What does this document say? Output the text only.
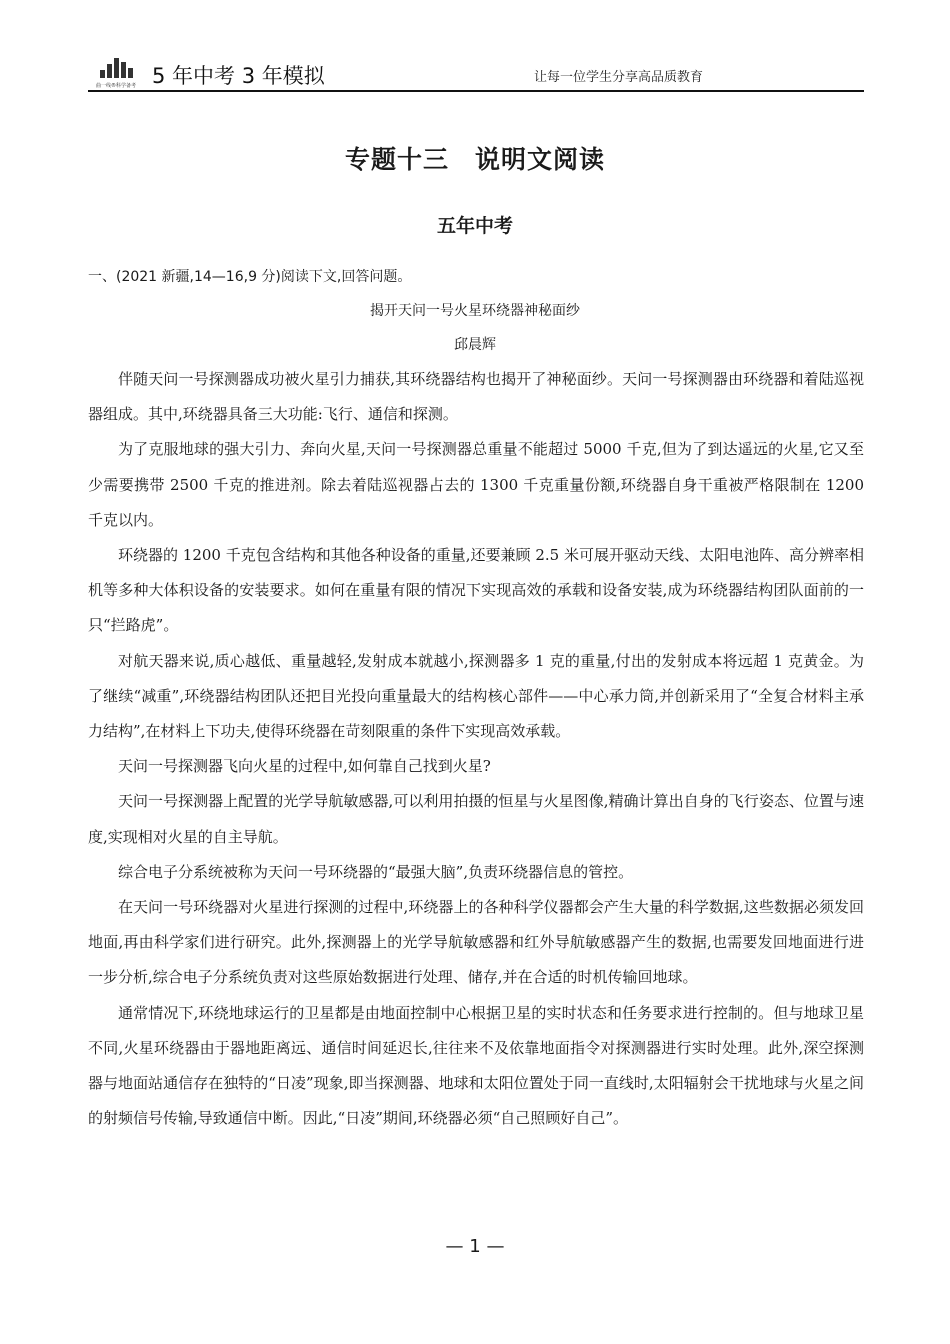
曲一线®科学备考 5 年中考 3 年模拟	让每一位学生分享高品质教育
专题十三　说明文阅读
五年中考
一、(2021 新疆,14—16,9 分)阅读下文,回答问题。
揭开天问一号火星环绕器神秘面纱
邱晨辉

伴随天问一号探测器成功被火星引力捕获,其环绕器结构也揭开了神秘面纱。天问一号探测器由环绕器和着陆巡视器组成。其中,环绕器具备三大功能:飞行、通信和探测。

为了克服地球的强大引力、奔向火星,天问一号探测器总重量不能超过 5000 千克,但为了到达遥远的火星,它又至少需要携带 2500 千克的推进剂。除去着陆巡视器占去的 1300 千克重量份额,环绕器自身干重被严格限制在 1200 千克以内。

环绕器的 1200 千克包含结构和其他各种设备的重量,还要兼顾 2.5 米可展开驱动天线、太阳电池阵、高分辨率相机等多种大体积设备的安装要求。如何在重量有限的情况下实现高效的承载和设备安装,成为环绕器结构团队面前的一只“拦路虎”。

对航天器来说,质心越低、重量越轻,发射成本就越小,探测器多 1 克的重量,付出的发射成本将远超 1 克黄金。为了继续“减重”,环绕器结构团队还把目光投向重量最大的结构核心部件——中心承力筒,并创新采用了“全复合材料主承力结构”,在材料上下功夫,使得环绕器在苛刻限重的条件下实现高效承载。

天问一号探测器飞向火星的过程中,如何靠自己找到火星?

天问一号探测器上配置的光学导航敏感器,可以利用拍摄的恒星与火星图像,精确计算出自身的飞行姿态、位置与速度,实现相对火星的自主导航。

综合电子分系统被称为天问一号环绕器的“最强大脑”,负责环绕器信息的管控。

在天问一号环绕器对火星进行探测的过程中,环绕器上的各种科学仪器都会产生大量的科学数据,这些数据必须发回地面,再由科学家们进行研究。此外,探测器上的光学导航敏感器和红外导航敏感器产生的数据,也需要发回地面进行进一步分析,综合电子分系统负责对这些原始数据进行处理、储存,并在合适的时机传输回地球。

通常情况下,环绕地球运行的卫星都是由地面控制中心根据卫星的实时状态和任务要求进行控制的。但与地球卫星不同,火星环绕器由于器地距离远、通信时间延迟长,往往来不及依靠地面指令对探测器进行实时处理。此外,深空探测器与地面站通信存在独特的“日凌”现象,即当探测器、地球和太阳位置处于同一直线时,太阳辐射会干扰地球与火星之间的射频信号传输,导致通信中断。因此,“日凌”期间,环绕器必须“自己照顾好自己”。

— 1 —
